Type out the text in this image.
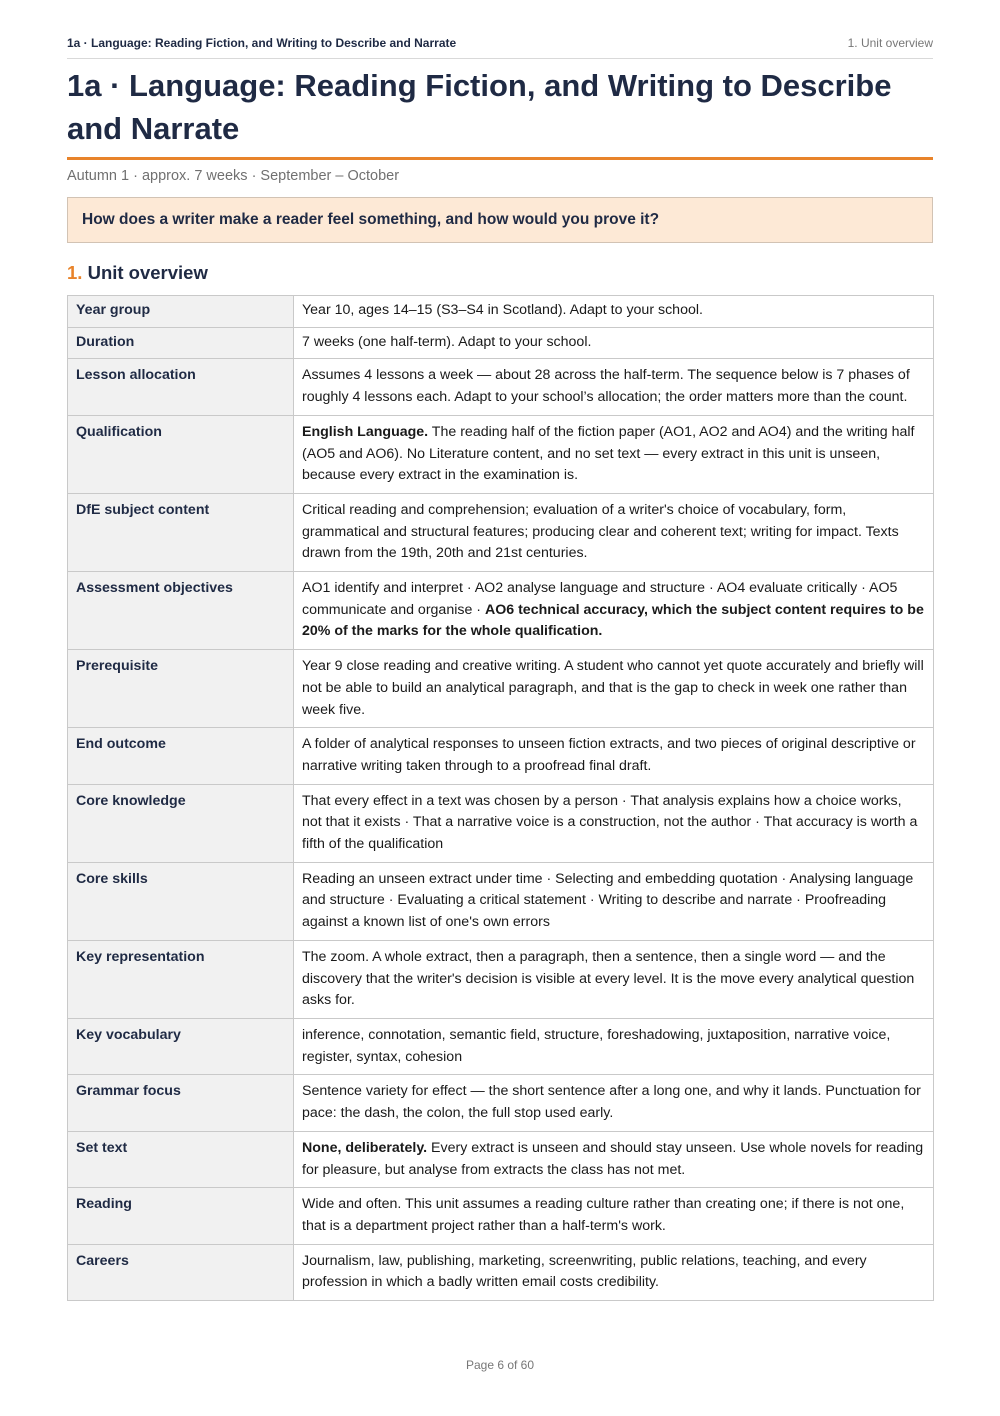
1a · Language: Reading Fiction, and Writing to Describe and Narrate	1. Unit overview
1a · Language: Reading Fiction, and Writing to Describe and Narrate
Autumn 1 · approx. 7 weeks · September – October
How does a writer make a reader feel something, and how would you prove it?
1. Unit overview
Year group	Year 10, ages 14–15 (S3–S4 in Scotland). Adapt to your school.
Duration	7 weeks (one half-term). Adapt to your school.
Lesson allocation	Assumes 4 lessons a week — about 28 across the half-term. The sequence below is 7 phases of roughly 4 lessons each. Adapt to your school’s allocation; the order matters more than the count.
Qualification	English Language. The reading half of the fiction paper (AO1, AO2 and AO4) and the writing half (AO5 and AO6). No Literature content, and no set text — every extract in this unit is unseen, because every extract in the examination is.
DfE subject content	Critical reading and comprehension; evaluation of a writer's choice of vocabulary, form, grammatical and structural features; producing clear and coherent text; writing for impact. Texts drawn from the 19th, 20th and 21st centuries.
Assessment objectives	AO1 identify and interpret · AO2 analyse language and structure · AO4 evaluate critically · AO5 communicate and organise · AO6 technical accuracy, which the subject content requires to be 20% of the marks for the whole qualification.
Prerequisite	Year 9 close reading and creative writing. A student who cannot yet quote accurately and briefly will not be able to build an analytical paragraph, and that is the gap to check in week one rather than week five.
End outcome	A folder of analytical responses to unseen fiction extracts, and two pieces of original descriptive or narrative writing taken through to a proofread final draft.
Core knowledge	That every effect in a text was chosen by a person · That analysis explains how a choice works, not that it exists · That a narrative voice is a construction, not the author · That accuracy is worth a fifth of the qualification
Core skills	Reading an unseen extract under time · Selecting and embedding quotation · Analysing language and structure · Evaluating a critical statement · Writing to describe and narrate · Proofreading against a known list of one's own errors
Key representation	The zoom. A whole extract, then a paragraph, then a sentence, then a single word — and the discovery that the writer's decision is visible at every level. It is the move every analytical question asks for.
Key vocabulary	inference, connotation, semantic field, structure, foreshadowing, juxtaposition, narrative voice, register, syntax, cohesion
Grammar focus	Sentence variety for effect — the short sentence after a long one, and why it lands. Punctuation for pace: the dash, the colon, the full stop used early.
Set text	None, deliberately. Every extract is unseen and should stay unseen. Use whole novels for reading for pleasure, but analyse from extracts the class has not met.
Reading	Wide and often. This unit assumes a reading culture rather than creating one; if there is not one, that is a department project rather than a half-term's work.
Careers	Journalism, law, publishing, marketing, screenwriting, public relations, teaching, and every profession in which a badly written email costs credibility.
Page 6 of 60
